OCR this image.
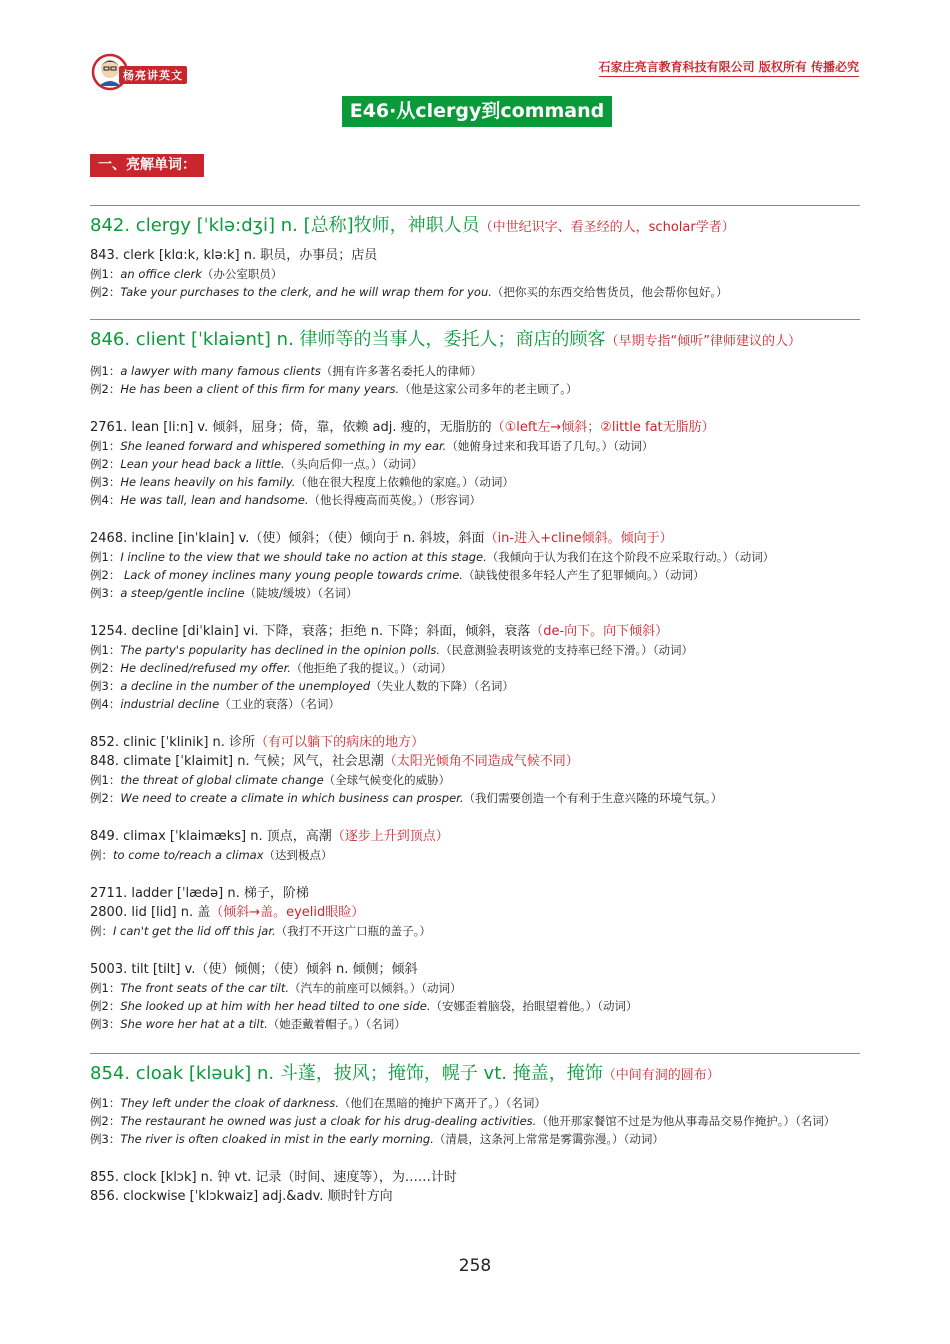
杨亮讲英文
石家庄亮言教育科技有限公司 版权所有 传播必究
E46·从clergy到command
一、亮解单词：
842. clergy [ˈklə:dʒi] n. [总称]牧师，神职人员（中世纪识字、看圣经的人，scholar学者）
843. clerk [klɑ:k, klə:k] n. 职员，办事员；店员
例1：an office clerk（办公室职员）
例2：Take your purchases to the clerk, and he will wrap them for you.（把你买的东西交给售货员，他会帮你包好。）
846. client [ˈklaiənt] n. 律师等的当事人，委托人；商店的顾客（早期专指“倾听”律师建议的人）
例1：a lawyer with many famous clients（拥有许多著名委托人的律师）
例2：He has been a client of this firm for many years.（他是这家公司多年的老主顾了。）
2761. lean [li:n] v. 倾斜，屈身；倚，靠，依赖 adj. 瘦的，无脂肪的（①left左→倾斜；②little fat无脂肪）
例1：She leaned forward and whispered something in my ear.（她俯身过来和我耳语了几句。）（动词）
例2：Lean your head back a little.（头向后仰一点。）（动词）
例3：He leans heavily on his family.（他在很大程度上依赖他的家庭。）（动词）
例4：He was tall, lean and handsome.（他长得瘦高而英俊。）（形容词）
2468. incline [inˈklain] v.（使）倾斜；（使）倾向于 n. 斜坡，斜面（in-进入+cline倾斜。倾向于）
例1：I incline to the view that we should take no action at this stage.（我倾向于认为我们在这个阶段不应采取行动。）（动词）
例2： Lack of money inclines many young people towards crime.（缺钱使很多年轻人产生了犯罪倾向。）（动词）
例3：a steep/gentle incline（陡坡/缓坡）（名词）
1254. decline [diˈklain] vi. 下降，衰落；拒绝 n. 下降；斜面，倾斜，衰落（de-向下。向下倾斜）
例1：The party's popularity has declined in the opinion polls.（民意测验表明该党的支持率已经下滑。）（动词）
例2：He declined/refused my offer.（他拒绝了我的提议。）（动词）
例3：a decline in the number of the unemployed（失业人数的下降）（名词）
例4：industrial decline（工业的衰落）（名词）
852. clinic [ˈklinik] n. 诊所（有可以躺下的病床的地方）
848. climate [ˈklaimit] n. 气候；风气，社会思潮（太阳光倾角不同造成气候不同）
例1：the threat of global climate change（全球气候变化的威胁）
例2：We need to create a climate in which business can prosper.（我们需要创造一个有利于生意兴隆的环境气氛。）
849. climax [ˈklaimæks] n. 顶点，高潮（逐步上升到顶点）
例：to come to/reach a climax（达到极点）
2711. ladder [ˈlædə] n. 梯子，阶梯
2800. lid [lid] n. 盖（倾斜→盖。eyelid眼睑）
例：I can't get the lid off this jar.（我打不开这广口瓶的盖子。）
5003. tilt [tilt] v.（使）倾侧；（使）倾斜 n. 倾侧；倾斜
例1：The front seats of the car tilt.（汽车的前座可以倾斜。）（动词）
例2：She looked up at him with her head tilted to one side.（安娜歪着脑袋，抬眼望着他。）（动词）
例3：She wore her hat at a tilt.（她歪戴着帽子。）（名词）
854. cloak [kləuk] n. 斗蓬，披风；掩饰，幌子 vt. 掩盖，掩饰（中间有洞的圆布）
例1：They left under the cloak of darkness.（他们在黑暗的掩护下离开了。）（名词）
例2：The restaurant he owned was just a cloak for his drug-dealing activities.（他开那家餐馆不过是为他从事毒品交易作掩护。）（名词）
例3：The river is often cloaked in mist in the early morning.（清晨，这条河上常常是雾霭弥漫。）（动词）
855. clock [klɔk] n. 钟 vt. 记录（时间、速度等），为……计时
856. clockwise [ˈklɔkwaiz] adj.&adv. 顺时针方向
258
